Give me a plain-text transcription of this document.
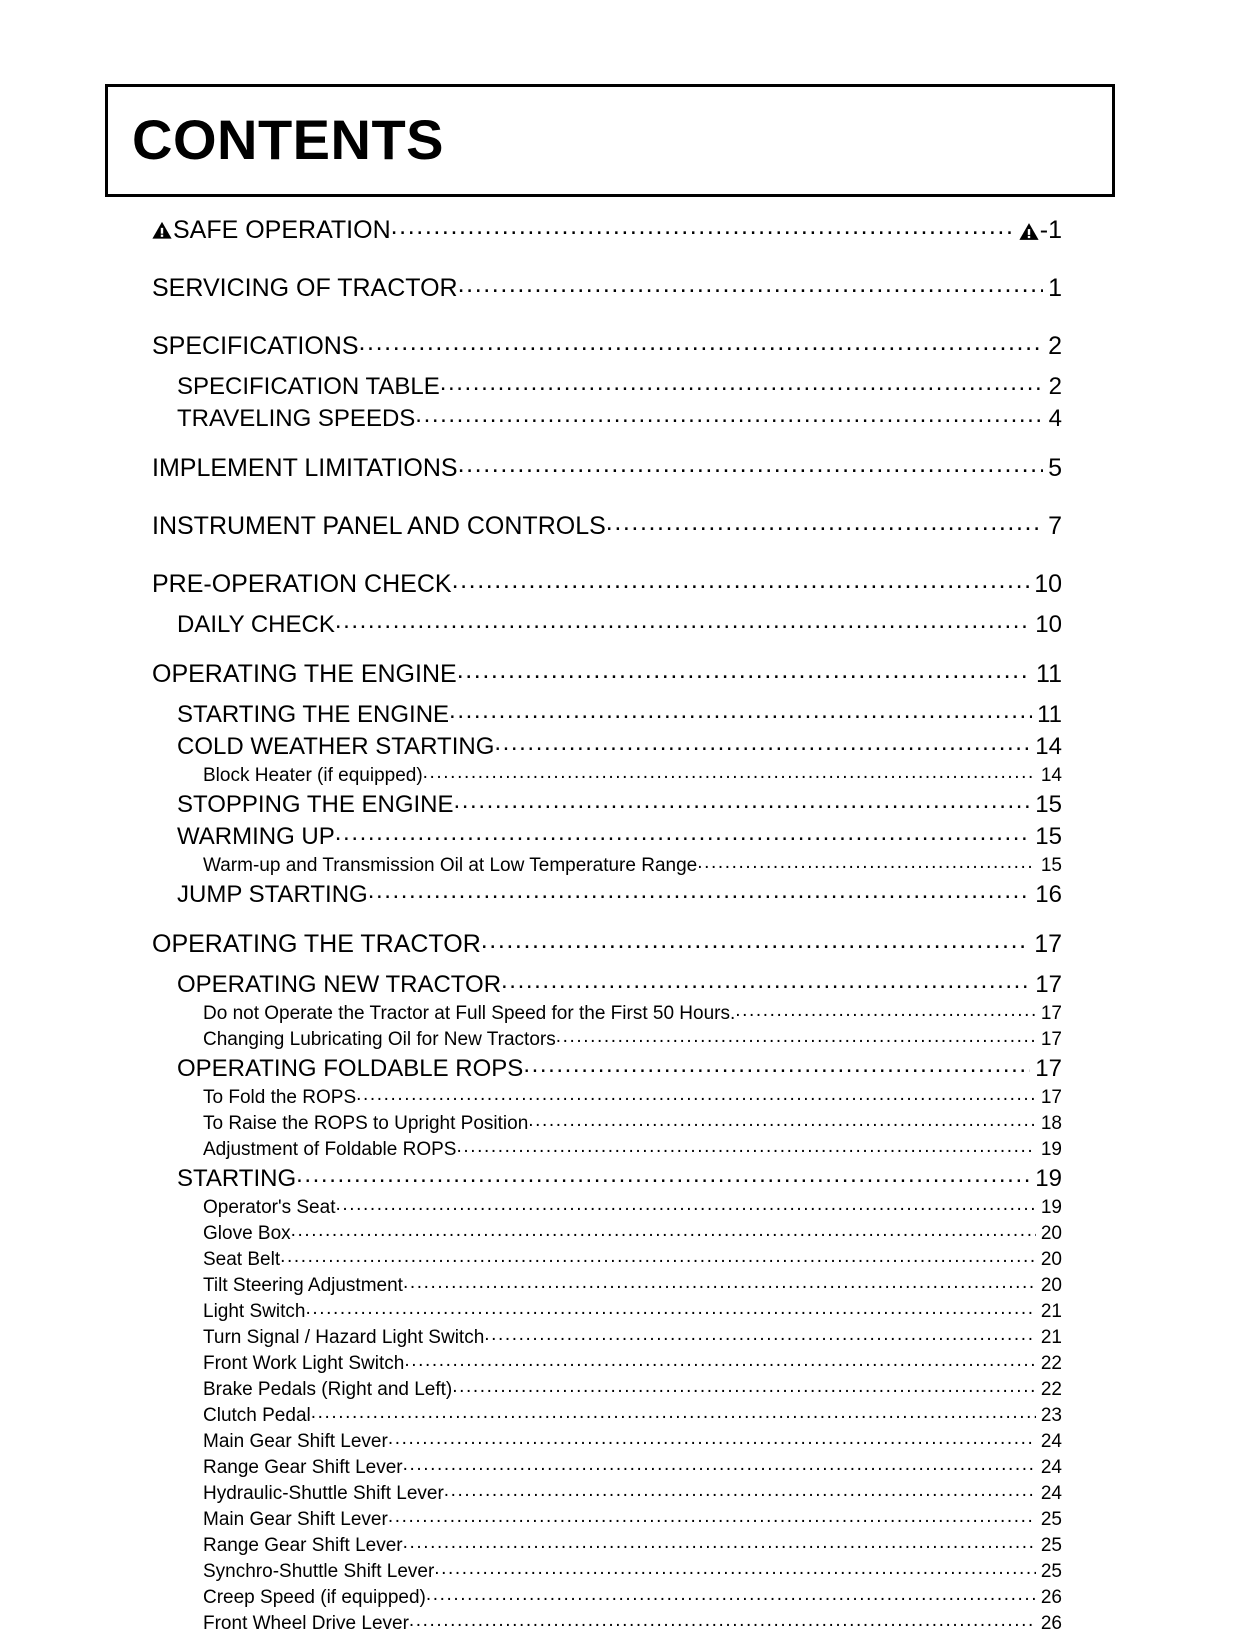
CONTENTS
SAFE OPERATION .....	-1
SERVICING OF TRACTOR .....	1
SPECIFICATIONS .....	2
SPECIFICATION TABLE .....	2
TRAVELING SPEEDS .....	4
IMPLEMENT LIMITATIONS .....	5
INSTRUMENT PANEL AND CONTROLS .....	7
PRE-OPERATION CHECK .....	10
DAILY CHECK .....	10
OPERATING THE ENGINE .....	11
STARTING THE ENGINE .....	11
COLD WEATHER STARTING .....	14
Block Heater (if equipped) .....	14
STOPPING THE ENGINE .....	15
WARMING UP .....	15
Warm-up and Transmission Oil at Low Temperature Range .....	15
JUMP STARTING .....	16
OPERATING THE TRACTOR .....	17
OPERATING NEW TRACTOR .....	17
Do not Operate the Tractor at Full Speed for the First 50 Hours. .....	17
Changing Lubricating Oil for New Tractors .....	17
OPERATING FOLDABLE ROPS .....	17
To Fold the ROPS .....	17
To Raise the ROPS to Upright Position .....	18
Adjustment of Foldable ROPS .....	19
STARTING .....	19
Operator's Seat .....	19
Glove Box .....	20
Seat Belt .....	20
Tilt Steering Adjustment .....	20
Light Switch .....	21
Turn Signal / Hazard Light Switch .....	21
Front Work Light Switch .....	22
Brake Pedals (Right and Left) .....	22
Clutch Pedal .....	23
Main Gear Shift Lever .....	24
Range Gear Shift Lever .....	24
Hydraulic-Shuttle Shift Lever .....	24
Main Gear Shift Lever .....	25
Range Gear Shift Lever .....	25
Synchro-Shuttle Shift Lever .....	25
Creep Speed (if equipped) .....	26
Front Wheel Drive Lever .....	26
